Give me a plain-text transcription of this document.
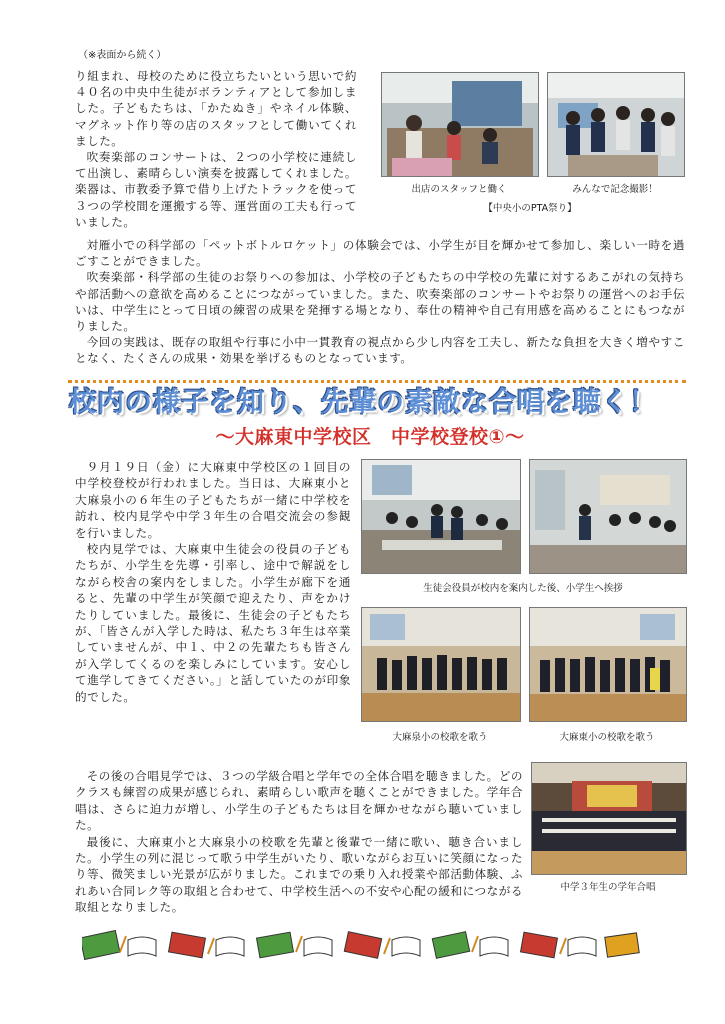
（※表面から続く）

り組まれ、母校のために役立ちたいという思いで約４０名の中央中生徒がボランティアとして参加しました。子どもたちは、「かたぬき」やネイル体験、マグネット作り等の店のスタッフとして働いてくれました。

吹奏楽部のコンサートは、２つの小学校に連続して出演し、素晴らしい演奏を披露してくれました。楽器は、市教委予算で借り上げたトラックを使って３つの学校間を運搬する等、運営面の工夫も行っていました。

出店のスタッフと働く	みんなで記念撮影！
【中央小のPTA祭り】

対雁小での科学部の「ペットボトルロケット」の体験会では、小学生が目を輝かせて参加し、楽しい一時を過ごすことができました。

吹奏楽部・科学部の生徒のお祭りへの参加は、小学校の子どもたちの中学校の先輩に対するあこがれの気持ちや部活動への意欲を高めることにつながっていました。また、吹奏楽部のコンサートやお祭りの運営へのお手伝いは、中学生にとって日頃の練習の成果を発揮する場となり、奉仕の精神や自己有用感を高めることにもつながりました。

今回の実践は、既存の取組や行事に小中一貫教育の視点から少し内容を工夫し、新たな負担を大きく増やすことなく、たくさんの成果・効果を挙げるものとなっています。

校内の様子を知り、先輩の素敵な合唱を聴く！
～大麻東中学校区　中学校登校①～

９月１９日（金）に大麻東中学校区の１回目の中学校登校が行われました。当日は、大麻東小と大麻泉小の６年生の子どもたちが一緒に中学校を訪れ、校内見学や中学３年生の合唱交流会の参観を行いました。

校内見学では、大麻東中生徒会の役員の子どもたちが、小学生を先導・引率し、途中で解説をしながら校舎の案内をしました。小学生が廊下を通ると、先輩の中学生が笑顔で迎えたり、声をかけたりしていました。最後に、生徒会の子どもたちが、「皆さんが入学した時は、私たち３年生は卒業していませんが、中１、中２の先輩たちも皆さんが入学してくるのを楽しみにしています。安心して進学してきてください。」と話していたのが印象的でした。

生徒会役員が校内を案内した後、小学生へ挨拶
大麻泉小の校歌を歌う	大麻東小の校歌を歌う
中学３年生の学年合唱

その後の合唱見学では、３つの学級合唱と学年での全体合唱を聴きました。どのクラスも練習の成果が感じられ、素晴らしい歌声を聴くことができました。学年合唱は、さらに迫力が増し、小学生の子どもたちは目を輝かせながら聴いていました。

最後に、大麻東小と大麻泉小の校歌を先輩と後輩で一緒に歌い、聴き合いました。小学生の列に混じって歌う中学生がいたり、歌いながらお互いに笑顔になったり等、微笑ましい光景が広がりました。これまでの乗り入れ授業や部活動体験、ふれあい合同レク等の取組と合わせて、中学校生活への不安や心配の緩和につながる取組となりました。
